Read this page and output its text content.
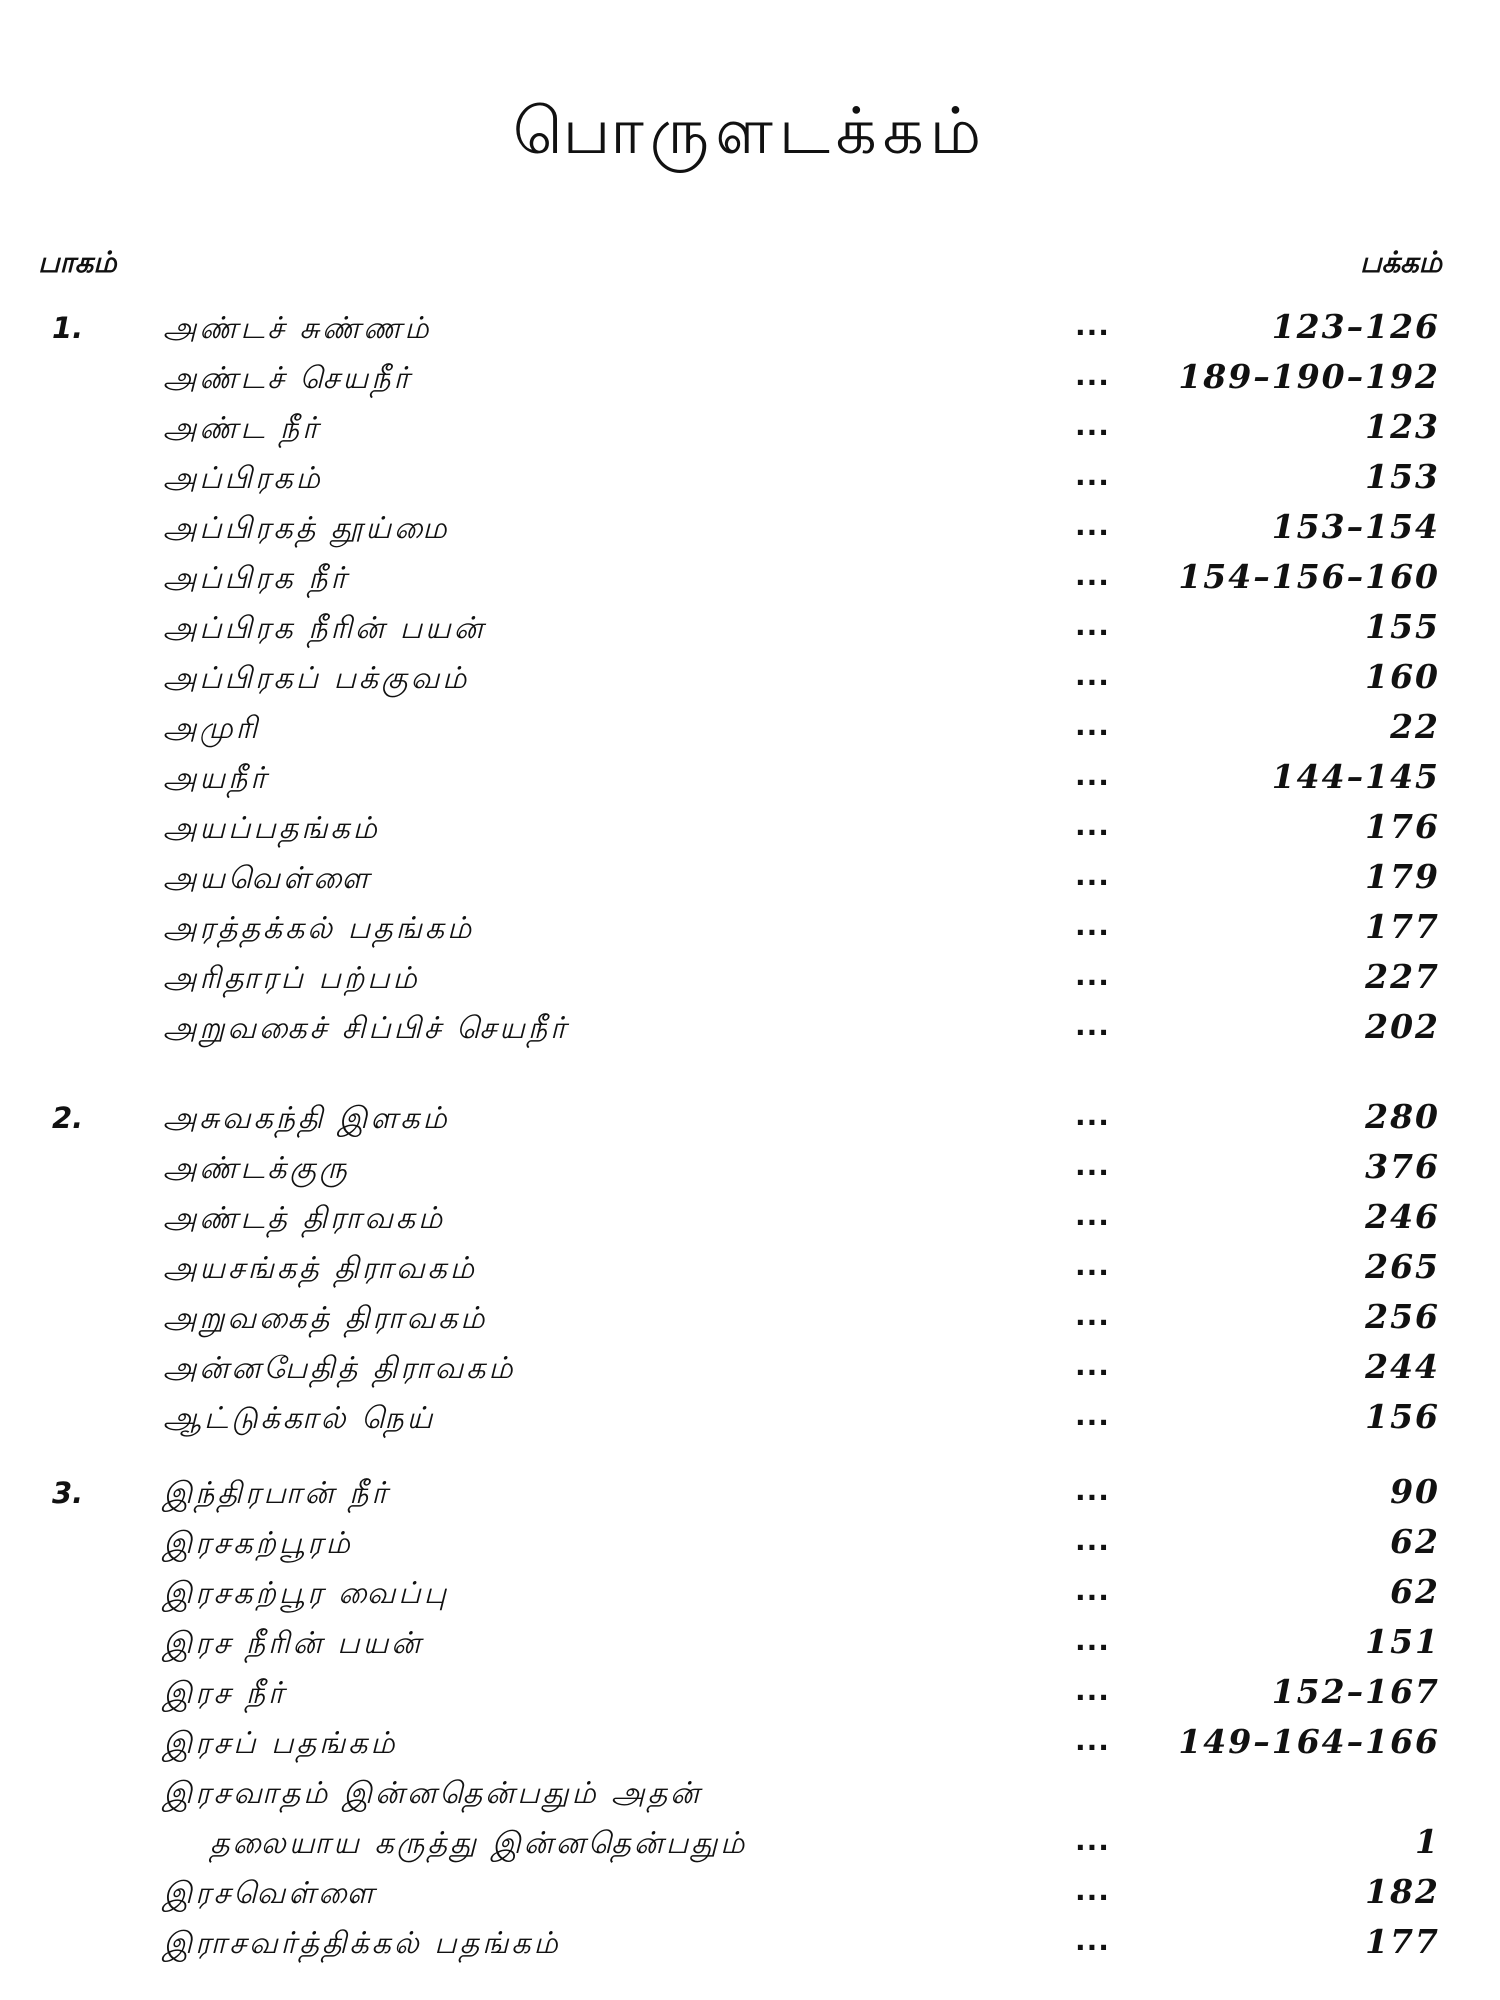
பொருளடக்கம்
பாகம்	பக்கம்
1.	அண்டச் சுண்ணம்	...	123–126
அண்டச் செயநீர்	... 189–190–192
அண்ட நீர்	...	123
அப்பிரகம்	...	153
அப்பிரகத் தூய்மை	...	153–154
அப்பிரக நீர்	... 154–156–160
அப்பிரக நீரின் பயன்	...	155
அப்பிரகப் பக்குவம்	...	160
அமுரி	...	22
அயநீர்	...	144–145
அயப்பதங்கம்	...	176
அயவெள்ளை	...	179
அரத்தக்கல் பதங்கம்	...	177
அரிதாரப் பற்பம்	...	227
அறுவகைச் சிப்பிச் செயநீர்	...	202
2.	அசுவகந்தி இளகம்	...	280
அண்டக்குரு	...	376
அண்டத் திராவகம்	...	246
அயசங்கத் திராவகம்	...	265
அறுவகைத் திராவகம்	...	256
அன்னபேதித் திராவகம்	...	244
ஆட்டுக்கால் நெய்	...	156
3.	இந்திரபான் நீர்	...	90
இரசகற்பூரம்	...	62
இரசகற்பூர வைப்பு	...	62
இரச நீரின் பயன்	...	151
இரச நீர்	...	152–167
இரசப் பதங்கம்	... 149–164–166
இரசவாதம் இன்னதென்பதும் அதன்
தலையாய கருத்து இன்னதென்பதும்	...	1
இரசவெள்ளை	...	182
இராசவர்த்திக்கல் பதங்கம்	...	177
